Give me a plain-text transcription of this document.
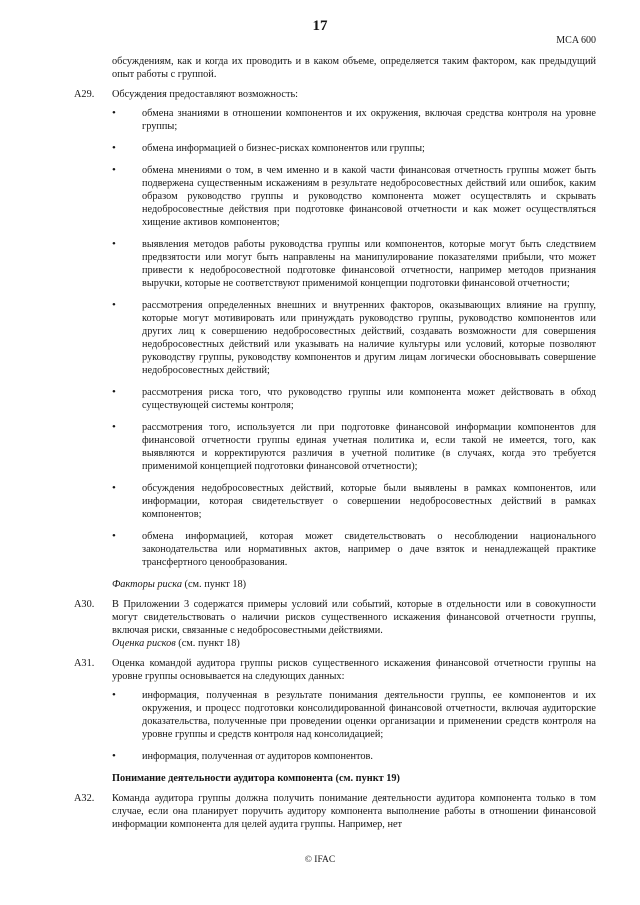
17
MCA 600

обсуждениям, как и когда их проводить и в каком объеме, определяется таким фактором, как предыдущий опыт работы с группой.

A29. Обсуждения предоставляют возможность:

•	обмена знаниями в отношении компонентов и их окружения, включая средства контроля на уровне группы;
•	обмена информацией о бизнес-рисках компонентов или группы;
•	обмена мнениями о том, в чем именно и в какой части финансовая отчетность группы может быть подвержена существенным искажениям в результате недобросовестных действий или ошибок, каким образом руководство группы и руководство компонента может осуществлять и скрывать недобросовестные действия при подготовке финансовой отчетности и как может осуществляться хищение активов компонентов;
•	выявления методов работы руководства группы или компонентов, которые могут быть следствием предвзятости или могут быть направлены на манипулирование показателями прибыли, что может привести к недобросовестной подготовке финансовой отчетности, например методов признания выручки, которые не соответствуют применимой концепции подготовки финансовой отчетности;
•	рассмотрения определенных внешних и внутренних факторов, оказывающих влияние на группу, которые могут мотивировать или принуждать руководство группы, руководство компонентов или других лиц к совершению недобросовестных действий, создавать возможности для совершения недобросовестных действий или указывать на наличие культуры или условий, которые позволяют руководству группы, руководству компонентов и другим лицам логически обосновывать совершение недобросовестных действий;
•	рассмотрения риска того, что руководство группы или компонента может действовать в обход существующей системы контроля;
•	рассмотрения того, используется ли при подготовке финансовой информации компонентов для финансовой отчетности группы единая учетная политика и, если такой не имеется, того, как выявляются и корректируются различия в учетной политике (в случаях, когда это требуется применимой концепцией подготовки финансовой отчетности);
•	обсуждения недобросовестных действий, которые были выявлены в рамках компонентов, или информации, которая свидетельствует о совершении недобросовестных действий в рамках компонентов;
•	обмена информацией, которая может свидетельствовать о несоблюдении национального законодательства или нормативных актов, например о даче взяток и ненадлежащей практике трансфертного ценообразования.

Факторы риска (см. пункт 18)

A30. В Приложении 3 содержатся примеры условий или событий, которые в отдельности или в совокупности могут свидетельствовать о наличии рисков существенного искажения финансовой отчетности группы, включая риски, связанные с недобросовестными действиями.

Оценка рисков (см. пункт 18)

A31. Оценка командой аудитора группы рисков существенного искажения финансовой отчетности группы на уровне группы основывается на следующих данных:

•	информация, полученная в результате понимания деятельности группы, ее компонентов и их окружения, и процесс подготовки консолидированной финансовой отчетности, включая аудиторские доказательства, полученные при проведении оценки организации и применении средств контроля на уровне группы и средств контроля над консолидацией;
•	информация, полученная от аудиторов компонентов.

Понимание деятельности аудитора компонента (см. пункт 19)

A32. Команда аудитора группы должна получить понимание деятельности аудитора компонента только в том случае, если она планирует поручить аудитору компонента выполнение работы в отношении финансовой информации компонента для целей аудита группы. Например, нет

© IFAC
